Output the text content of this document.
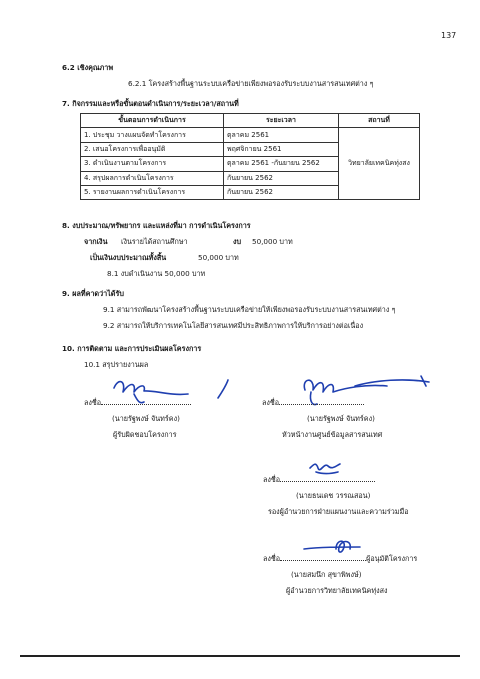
137
6.2 เชิงคุณภาพ
6.2.1 โครงสร้างพื้นฐานระบบเครือข่ายเพียงพอรองรับระบบงานสารสนเทศต่าง ๆ
7. กิจกรรมและหรือขั้นตอนดำเนินการ/ระยะเวลา/สถานที่
ขั้นตอนการดำเนินการ	ระยะเวลา	สถานที่
1. ประชุม วางแผนจัดทำโครงการ	ตุลาคม 2561	วิทยาลัยเทคนิคทุ่งสง
2. เสนอโครงการเพื่ออนุมัติ	พฤศจิกายน 2561	
3. ดำเนินงานตามโครงการ	ตุลาคม 2561 -กันยายน 2562	
4. สรุปผลการดำเนินโครงการ	กันยายน 2562	
5. รายงานผลการดำเนินโครงการ	กันยายน 2562	
8. งบประมาณ/ทรัพยากร และแหล่งที่มา การดำเนินโครงการ
จากเงิน เงินรายได้สถานศึกษา	งบ 50,000 บาท
เป็นเงินงบประมาณทั้งสิ้น	50,000 บาท
8.1 งบดำเนินงาน 50,000 บาท
9. ผลที่คาดว่าได้รับ
9.1 สามารถพัฒนาโครงสร้างพื้นฐานระบบเครือข่ายให้เพียงพอรองรับระบบงานสารสนเทศต่าง ๆ
9.2 สามารถให้บริการเทคโนโลยีสารสนเทศมีประสิทธิภาพการให้บริการอย่างต่อเนื่อง
10. การติดตาม และการประเมินผลโครงการ
10.1 สรุปรายงานผล
ลงชื่อ
(นายรัฐพงษ์ จันทร์คง)
ผู้รับผิดชอบโครงการ
ลงชื่อ
(นายรัฐพงษ์ จันทร์คง)
หัวหน้างานศูนย์ข้อมูลสารสนเทศ
ลงชื่อ
(นายธนเดช วรรณสอน)
รองผู้อำนวยการฝ่ายแผนงานและความร่วมมือ
ลงชื่อ	ผู้อนุมัติโครงการ
(นายสมนึก สุขาพิพงษ์)
ผู้อำนวยการวิทยาลัยเทคนิคทุ่งสง
